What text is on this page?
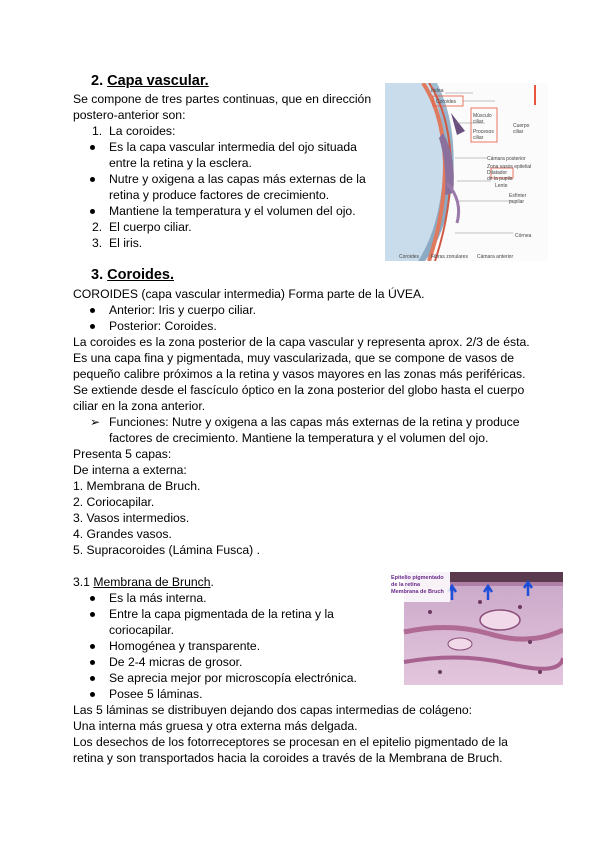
2. Capa vascular.
Se compone de tres partes continuas, que en dirección
postero-anterior son:
1. La coroides:
Es la capa vascular intermedia del ojo situada
entre la retina y la esclera.
Nutre y oxigena a las capas más externas de la
retina y produce factores de crecimiento.
Mantiene la temperatura y el volumen del ojo.
2. El cuerpo ciliar.
3. El iris.
Iridea
Coroides
Músculo
ciliar
Procesos
ciliar
Cuerpo
ciliar
Cámara posterior
Zona vasos epitelial
Dilatador
de la pupila
Lente
Esfínter
pupilar
Córnea
Coroides Fibras zonulares Cámara anterior
3. Coroides.
COROIDES (capa vascular intermedia) Forma parte de la ÚVEA.
Anterior: Iris y cuerpo ciliar.
Posterior: Coroides.
La coroides es la zona posterior de la capa vascular y representa aprox. 2/3 de ésta.
Es una capa fina y pigmentada, muy vascularizada, que se compone de vasos de
pequeño calibre próximos a la retina y vasos mayores en las zonas más periféricas.
Se extiende desde el fascículo óptico en la zona posterior del globo hasta el cuerpo
ciliar en la zona anterior.
➢ Funciones: Nutre y oxigena a las capas más externas de la retina y produce
factores de crecimiento. Mantiene la temperatura y el volumen del ojo.
Presenta 5 capas:
De interna a externa:
1. Membrana de Bruch.
2. Coriocapilar.
3. Vasos intermedios.
4. Grandes vasos.
5. Supracoroides (Lámina Fusca) .
3.1 Membrana de Brunch.
Es la más interna.
Entre la capa pigmentada de la retina y la
coriocapilar.
Homogénea y transparente.
De 2-4 micras de grosor.
Se aprecia mejor por microscopía electrónica.
Posee 5 láminas.
Las 5 láminas se distribuyen dejando dos capas intermedias de colágeno:
Una interna más gruesa y otra externa más delgada.
Los desechos de los fotorreceptores se procesan en el epitelio pigmentado de la
retina y son transportados hacia la coroides a través de la Membrana de Bruch.
Epitelio pigmentado
de la retina
Membrana de Bruch
